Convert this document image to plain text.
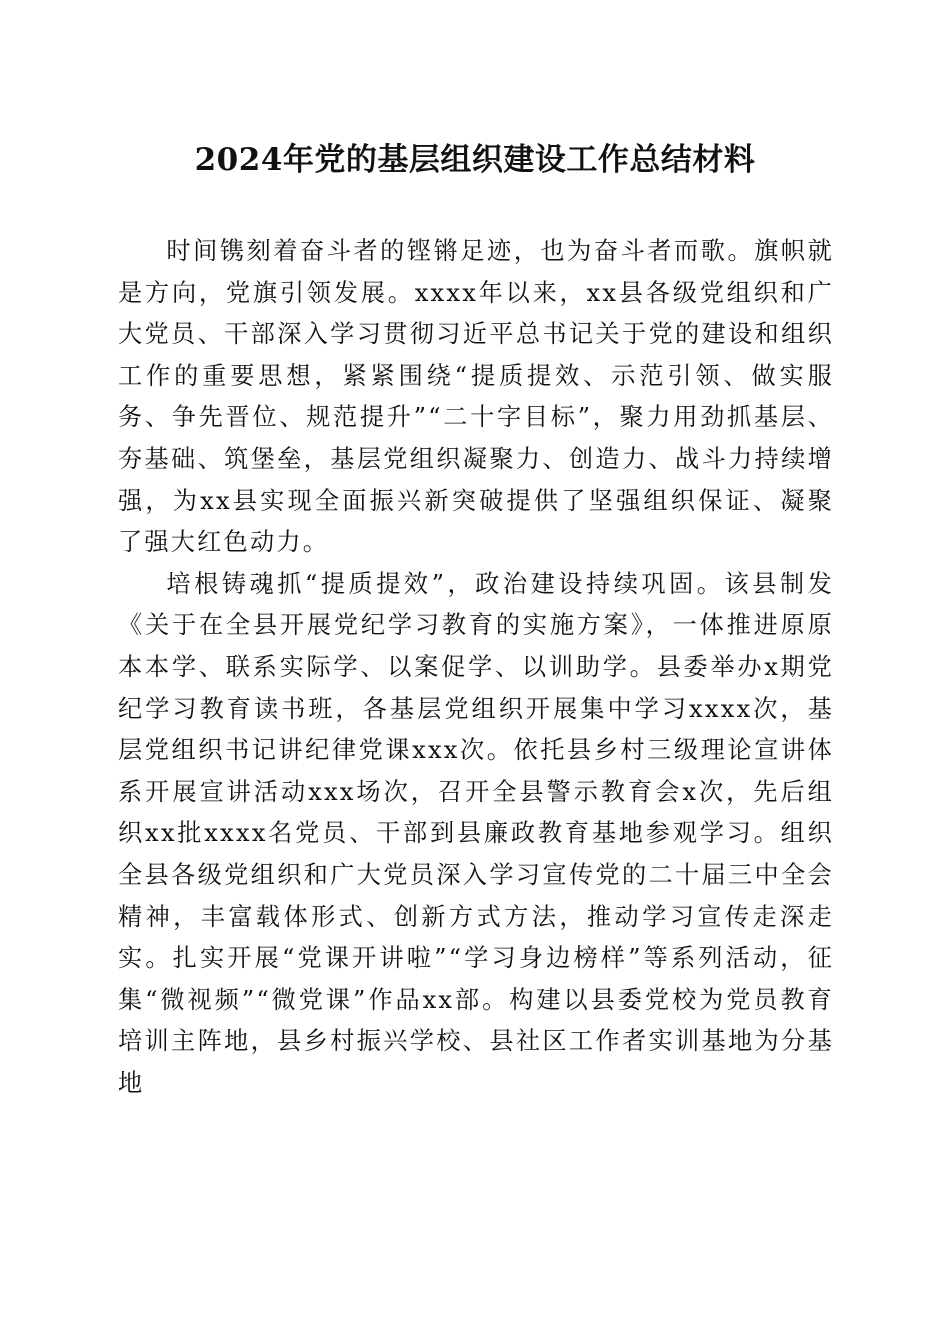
2024年党的基层组织建设工作总结材料

时间镌刻着奋斗者的铿锵足迹，也为奋斗者而歌。旗帜就是方向，党旗引领发展。xxxx年以来，xx县各级党组织和广大党员、干部深入学习贯彻习近平总书记关于党的建设和组织工作的重要思想，紧紧围绕“提质提效、示范引领、做实服务、争先晋位、规范提升”“二十字目标”，聚力用劲抓基层、夯基础、筑堡垒，基层党组织凝聚力、创造力、战斗力持续增强，为xx县实现全面振兴新突破提供了坚强组织保证、凝聚了强大红色动力。

培根铸魂抓“提质提效”，政治建设持续巩固。该县制发《关于在全县开展党纪学习教育的实施方案》，一体推进原原本本学、联系实际学、以案促学、以训助学。县委举办x期党纪学习教育读书班，各基层党组织开展集中学习xxxx次，基层党组织书记讲纪律党课xxx次。依托县乡村三级理论宣讲体系开展宣讲活动xxx场次，召开全县警示教育会x次，先后组织xx批xxxx名党员、干部到县廉政教育基地参观学习。组织全县各级党组织和广大党员深入学习宣传党的二十届三中全会精神，丰富载体形式、创新方式方法，推动学习宣传走深走实。扎实开展“党课开讲啦”“学习身边榜样”等系列活动，征集“微视频”“微党课”作品xx部。构建以县委党校为党员教育培训主阵地，县乡村振兴学校、县社区工作者实训基地为分基地
